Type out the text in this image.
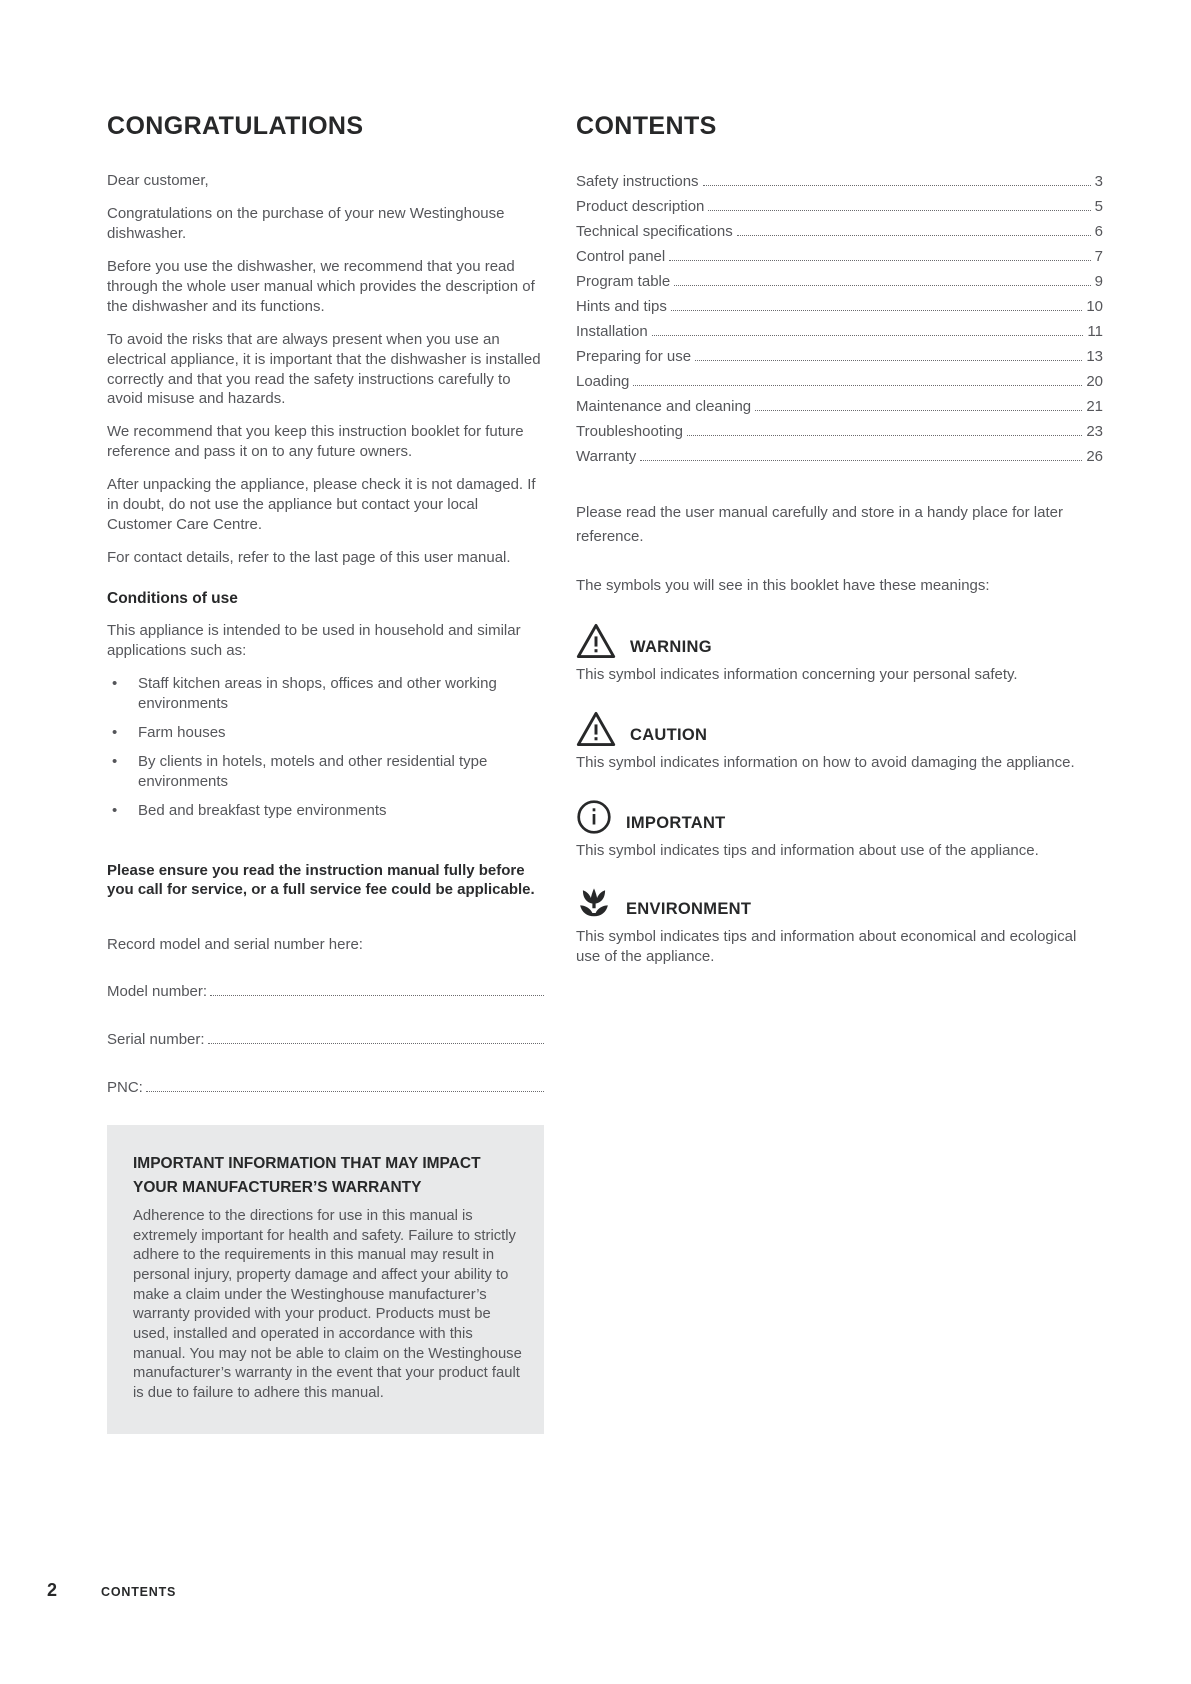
CONGRATULATIONS

Dear customer,

Congratulations on the purchase of your new Westinghouse dishwasher.

Before you use the dishwasher, we recommend that you read through the whole user manual which provides the description of the dishwasher and its functions.

To avoid the risks that are always present when you use an electrical appliance, it is important that the dishwasher is installed correctly and that you read the safety instructions carefully to avoid misuse and hazards.

We recommend that you keep this instruction booklet for future reference and pass it on to any future owners.

After unpacking the appliance, please check it is not damaged. If in doubt, do not use the appliance but contact your local Customer Care Centre.

For contact details, refer to the last page of this user manual.

Conditions of use

This appliance is intended to be used in household and similar applications such as:

•
Staff kitchen areas in shops, offices and other working environments
•
Farm houses
•
By clients in hotels, motels and other residential type environments
•
Bed and breakfast type environments

Please ensure you read the instruction manual fully before you call for service, or a full service fee could be applicable.

Record model and serial number here:

Model number:
Serial number:
PNC:
IMPORTANT INFORMATION THAT MAY IMPACT YOUR MANUFACTURER’S WARRANTY
Adherence to the directions for use in this manual is extremely important for health and safety. Failure to strictly adhere to the requirements in this manual may result in personal injury, property damage and affect your ability to make a claim under the Westinghouse manufacturer’s warranty provided with your product. Products must be used, installed and operated in accordance with this manual. You may not be able to claim on the Westinghouse manufacturer’s warranty in the event that your product fault is due to failure to adhere this manual.
CONTENTS
Safety instructions	3
Product description	5
Technical specifications	6
Control panel	7
Program table	9
Hints and tips	10
Installation	11
Preparing for use	13
Loading	20
Maintenance and cleaning	21
Troubleshooting	23
Warranty	26

Please read the user manual carefully and store in a handy place for later reference.

The symbols you will see in this booklet have these meanings:

WARNING

This symbol indicates information concerning your personal safety.

CAUTION

This symbol indicates information on how to avoid damaging the appliance.

IMPORTANT

This symbol indicates tips and information about use of the appliance.

ENVIRONMENT

This symbol indicates tips and information about economical and ecological use of the appliance.

2	CONTENTS
